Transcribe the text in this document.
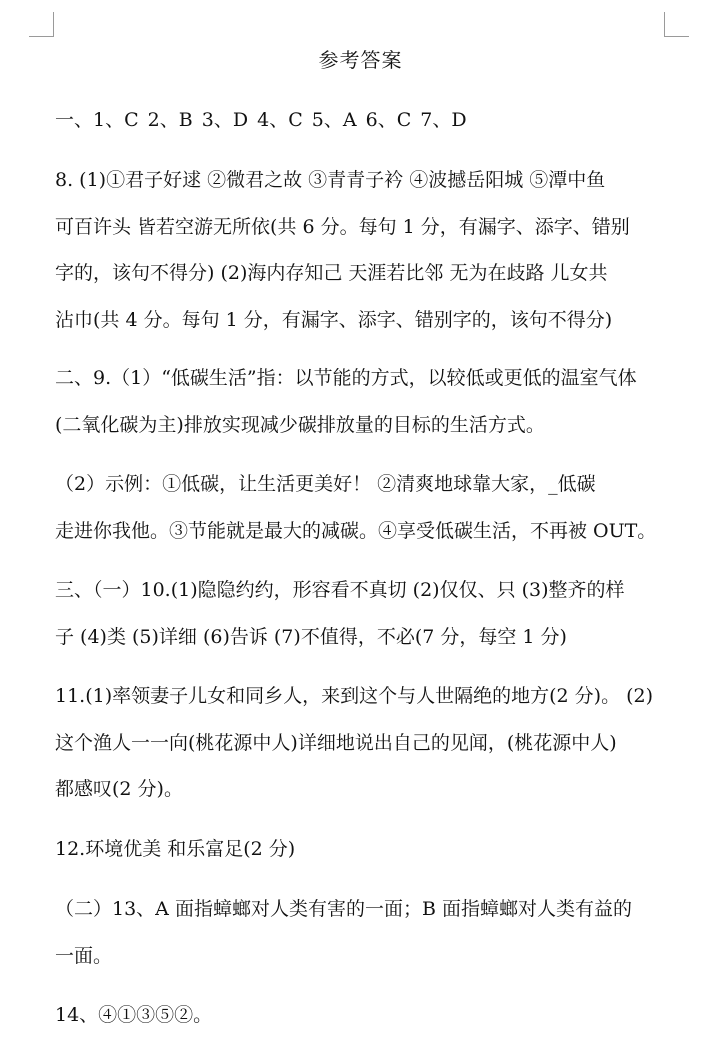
参考答案
一、1、C 2、B 3、D 4、C 5、A 6、C 7、D
8. (1)①君子好逑 ②微君之故 ③青青子衿 ④波撼岳阳城 ⑤潭中鱼
可百许头 皆若空游无所依(共 6 分。每句 1 分，有漏字、添字、错别
字的，该句不得分) (2)海内存知己 天涯若比邻 无为在歧路 儿女共
沾巾(共 4 分。每句 1 分，有漏字、添字、错别字的，该句不得分)
二、9.（1）“低碳生活”指：以节能的方式，以较低或更低的温室气体
(二氧化碳为主)排放实现减少碳排放量的目标的生活方式。
（2）示例：①低碳，让生活更美好！ ②清爽地球靠大家，_低碳
走进你我他。③节能就是最大的减碳。④享受低碳生活，不再被 OUT。
三、（一）10.(1)隐隐约约，形容看不真切 (2)仅仅、只 (3)整齐的样
子 (4)类 (5)详细 (6)告诉 (7)不值得，不必(7 分，每空 1 分)
11.(1)率领妻子儿女和同乡人，来到这个与人世隔绝的地方(2 分)。 (2)
这个渔人一一向(桃花源中人)详细地说出自己的见闻，(桃花源中人)
都感叹(2 分)。
12.环境优美 和乐富足(2 分)
（二）13、A 面指蟑螂对人类有害的一面；B 面指蟑螂对人类有益的
一面。
14、④①③⑤②。
